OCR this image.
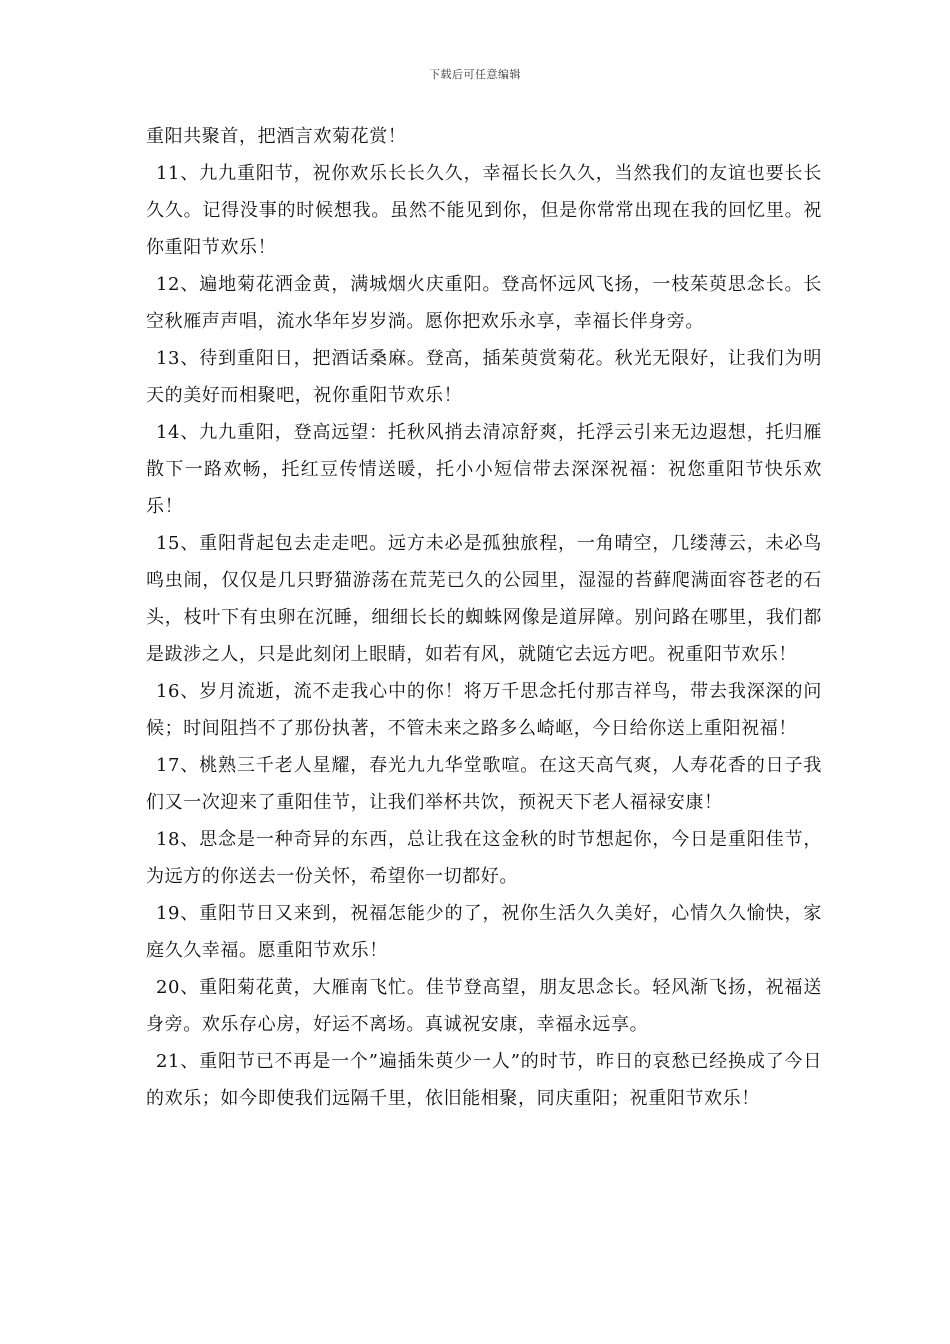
下载后可任意编辑

重阳共聚首，把酒言欢菊花赏！

11、九九重阳节，祝你欢乐长长久久，幸福长长久久，当然我们的友谊也要长长久久。记得没事的时候想我。虽然不能见到你，但是你常常出现在我的回忆里。祝你重阳节欢乐！

12、遍地菊花洒金黄，满城烟火庆重阳。登高怀远风飞扬，一枝茱萸思念长。长空秋雁声声唱，流水华年岁岁淌。愿你把欢乐永享，幸福长伴身旁。

13、待到重阳日，把酒话桑麻。登高，插茱萸赏菊花。秋光无限好，让我们为明天的美好而相聚吧，祝你重阳节欢乐！

14、九九重阳，登高远望：托秋风捎去清凉舒爽，托浮云引来无边遐想，托归雁散下一路欢畅，托红豆传情送暖，托小小短信带去深深祝福：祝您重阳节快乐欢乐！

15、重阳背起包去走走吧。远方未必是孤独旅程，一角晴空，几缕薄云，未必鸟鸣虫闹，仅仅是几只野猫游荡在荒芜已久的公园里，湿湿的苔藓爬满面容苍老的石头，枝叶下有虫卵在沉睡，细细长长的蜘蛛网像是道屏障。别问路在哪里，我们都是跋涉之人，只是此刻闭上眼睛，如若有风，就随它去远方吧。祝重阳节欢乐！

16、岁月流逝，流不走我心中的你！将万千思念托付那吉祥鸟，带去我深深的问候；时间阻挡不了那份执著，不管未来之路多么崎岖，今日给你送上重阳祝福！

17、桃熟三千老人星耀，春光九九华堂歌喧。在这天高气爽，人寿花香的日子我们又一次迎来了重阳佳节，让我们举杯共饮，预祝天下老人福禄安康！

18、思念是一种奇异的东西，总让我在这金秋的时节想起你，今日是重阳佳节，为远方的你送去一份关怀，希望你一切都好。

19、重阳节日又来到，祝福怎能少的了，祝你生活久久美好，心情久久愉快，家庭久久幸福。愿重阳节欢乐！

20、重阳菊花黄，大雁南飞忙。佳节登高望，朋友思念长。轻风渐飞扬，祝福送身旁。欢乐存心房，好运不离场。真诚祝安康，幸福永远享。

21、重阳节已不再是一个”遍插朱萸少一人”的时节，昨日的哀愁已经换成了今日的欢乐；如今即使我们远隔千里，依旧能相聚，同庆重阳；祝重阳节欢乐！
